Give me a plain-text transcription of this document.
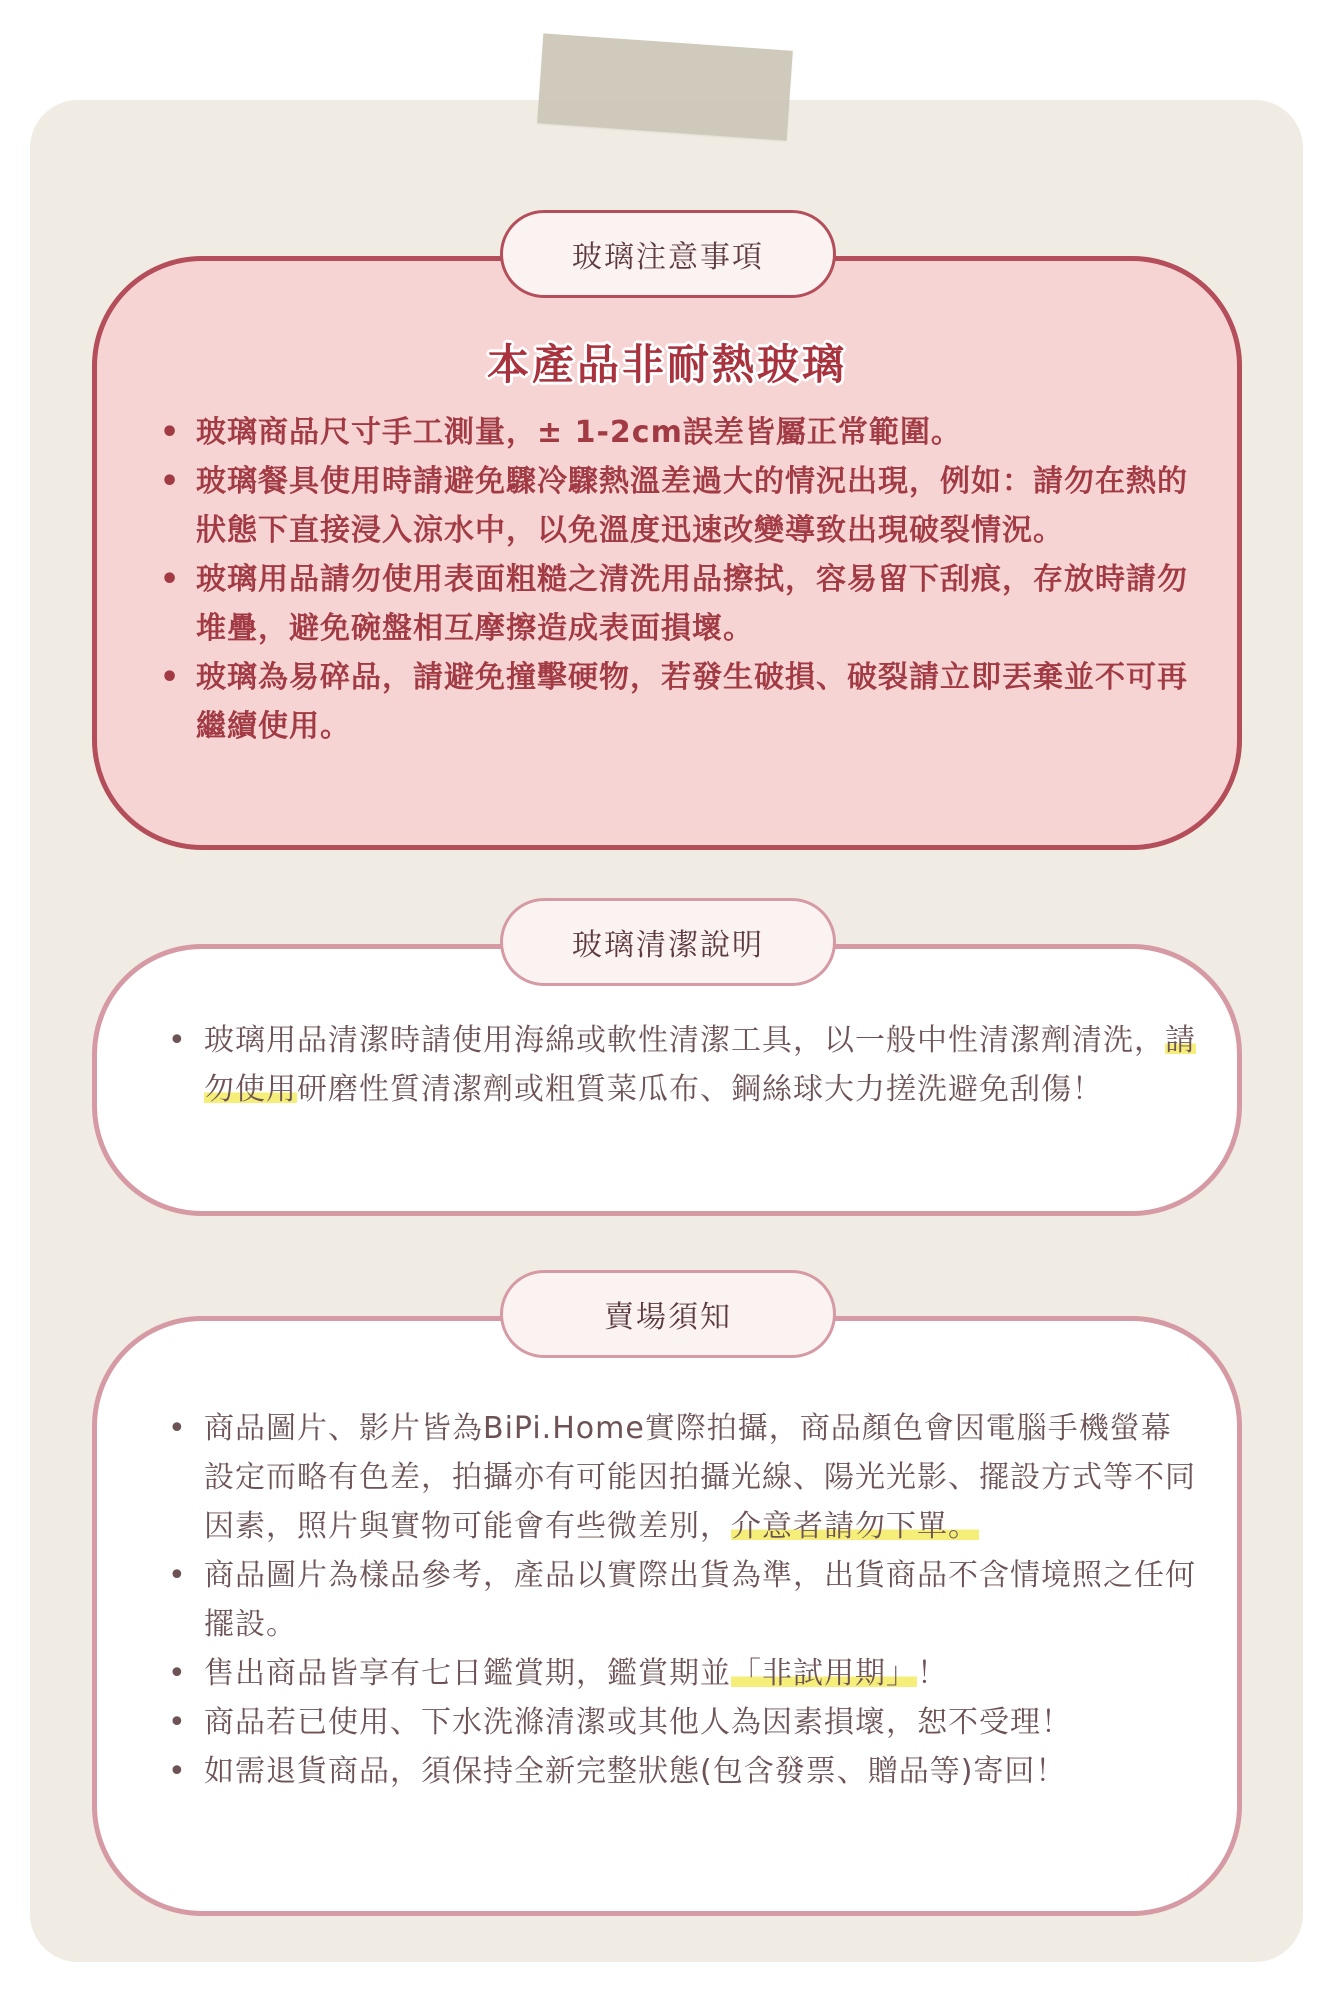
玻璃注意事項
本產品非耐熱玻璃
• 玻璃商品尺寸手工測量，± 1-2cm誤差皆屬正常範圍。
• 玻璃餐具使用時請避免驟冷驟熱溫差過大的情況出現，例如：請勿在熱的狀態下直接浸入涼水中，以免溫度迅速改變導致出現破裂情況。
• 玻璃用品請勿使用表面粗糙之清洗用品擦拭，容易留下刮痕，存放時請勿堆疊，避免碗盤相互摩擦造成表面損壞。
• 玻璃為易碎品，請避免撞擊硬物，若發生破損、破裂請立即丟棄並不可再繼續使用。
玻璃清潔說明
• 玻璃用品清潔時請使用海綿或軟性清潔工具，以一般中性清潔劑清洗，請勿使用研磨性質清潔劑或粗質菜瓜布、鋼絲球大力搓洗避免刮傷！
賣場須知
• 商品圖片、影片皆為BiPi.Home實際拍攝，商品顏色會因電腦手機螢幕設定而略有色差，拍攝亦有可能因拍攝光線、陽光光影、擺設方式等不同因素，照片與實物可能會有些微差別，介意者請勿下單。
• 商品圖片為樣品參考，產品以實際出貨為準，出貨商品不含情境照之任何擺設。
• 售出商品皆享有七日鑑賞期，鑑賞期並「非試用期」！
• 商品若已使用、下水洗滌清潔或其他人為因素損壞，恕不受理！
• 如需退貨商品，須保持全新完整狀態(包含發票、贈品等)寄回！
